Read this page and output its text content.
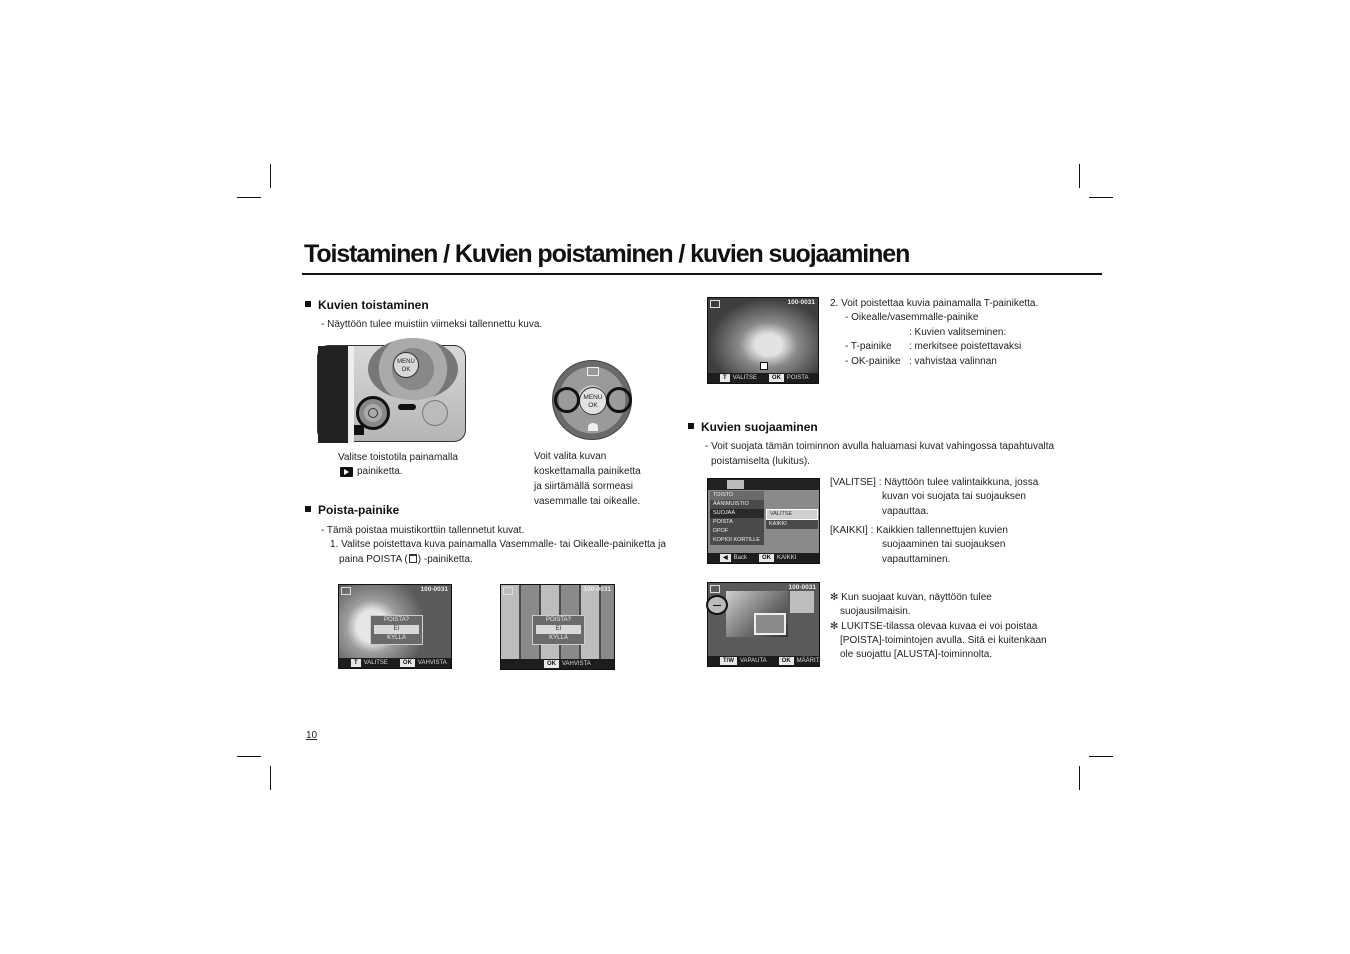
Toistaminen / Kuvien poistaminen / kuvien suojaaminen
Kuvien toistaminen
- Näyttöön tulee muistiin viimeksi tallennettu kuva.
MENU
OK
MENU
OK
Valitse toistotila painamalla
painiketta.
Voit valita kuvan
koskettamalla painiketta
ja siirtämällä sormeasi
vasemmalle tai oikealle.
Poista-painike
- Tämä poistaa muistikorttiin tallennetut kuvat.
1. Valitse poistettava kuva painamalla Vasemmalle- tai Oikealle-painiketta ja
paina POISTA ( ) -painiketta.
100-0031
POISTA?
EI
KYLLÄ
T VALITSE	OK VAHVISTA
100-0031
POISTA?
EI
KYLLÄ
OK VAHVISTA
10
100-0031
T VALITSE	OK POISTA
2. Voit poistettaa kuvia painamalla T-painiketta.
- Oikealle/vasemmalle-painike
: Kuvien valitseminen:
- T-painike : merkitsee poistettavaksi
- OK-painike : vahvistaa valinnan
Kuvien suojaaminen
- Voit suojata tämän toiminnon avulla haluamasi kuvat vahingossa tapahtuvalta
poistamiselta (lukitus).
TOISTO
ÄÄNIMUISTIO
SUOJAA
POISTA
DPOF
KOPIOI KORTILLE
VALITSE
KAIKKI
◀ Back	OK KAIKKI
[VALITSE] : Näyttöön tulee valintaikkuna, jossa
kuvan voi suojata tai suojauksen
vapauttaa.
[KAIKKI] : Kaikkien tallennettujen kuvien
suojaaminen tai suojauksen
vapauttaminen.
100-0031
T/W VAPAUTA	OK MÄÄRITÄ
✻ Kun suojaat kuvan, näyttöön tulee
suojausilmaisin.
✻ LUKITSE-tilassa olevaa kuvaa ei voi poistaa
[POISTA]-toimintojen avulla. Sitä ei kuitenkaan
ole suojattu [ALUSTA]-toiminnolta.
